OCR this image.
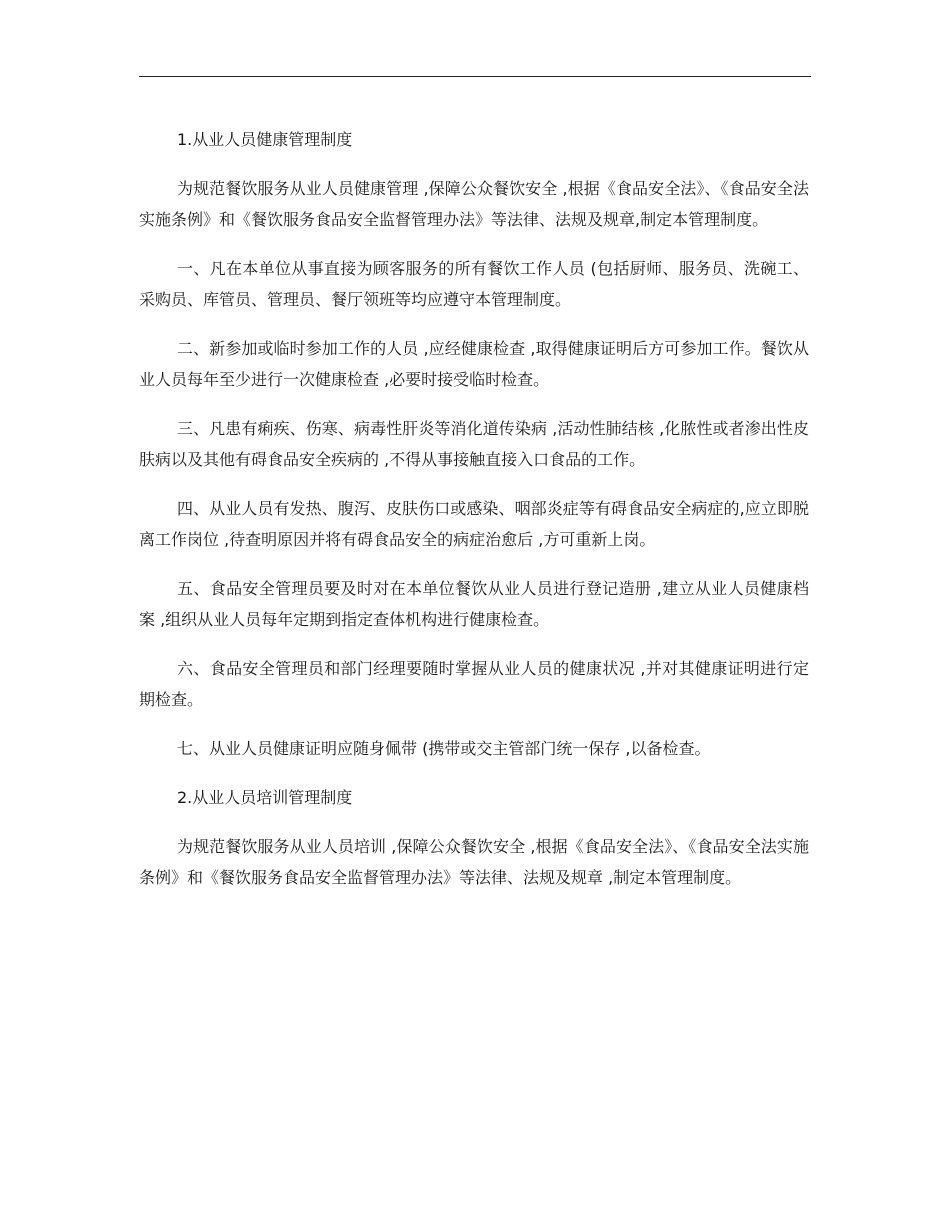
1.从业人员健康管理制度

为规范餐饮服务从业人员健康管理 ,保障公众餐饮安全 ,根据《食品安全法》、《食品安全法实施条例》和《餐饮服务食品安全监督管理办法》等法律、法规及规章,制定本管理制度。

一、凡在本单位从事直接为顾客服务的所有餐饮工作人员 (包括厨师、服务员、洗碗工、采购员、库管员、管理员、餐厅领班等均应遵守本管理制度。

二、新参加或临时参加工作的人员 ,应经健康检查 ,取得健康证明后方可参加工作。餐饮从业人员每年至少进行一次健康检查 ,必要时接受临时检查。

三、凡患有痢疾、伤寒、病毒性肝炎等消化道传染病 ,活动性肺结核 ,化脓性或者渗出性皮肤病以及其他有碍食品安全疾病的 ,不得从事接触直接入口食品的工作。

四、从业人员有发热、腹泻、皮肤伤口或感染、咽部炎症等有碍食品安全病症的,应立即脱离工作岗位 ,待查明原因并将有碍食品安全的病症治愈后 ,方可重新上岗。

五、食品安全管理员要及时对在本单位餐饮从业人员进行登记造册 ,建立从业人员健康档案 ,组织从业人员每年定期到指定查体机构进行健康检查。

六、食品安全管理员和部门经理要随时掌握从业人员的健康状况 ,并对其健康证明进行定期检查。

七、从业人员健康证明应随身佩带 (携带或交主管部门统一保存 ,以备检查。

2.从业人员培训管理制度

为规范餐饮服务从业人员培训 ,保障公众餐饮安全 ,根据《食品安全法》、《食品安全法实施条例》和《餐饮服务食品安全监督管理办法》等法律、法规及规章 ,制定本管理制度。
